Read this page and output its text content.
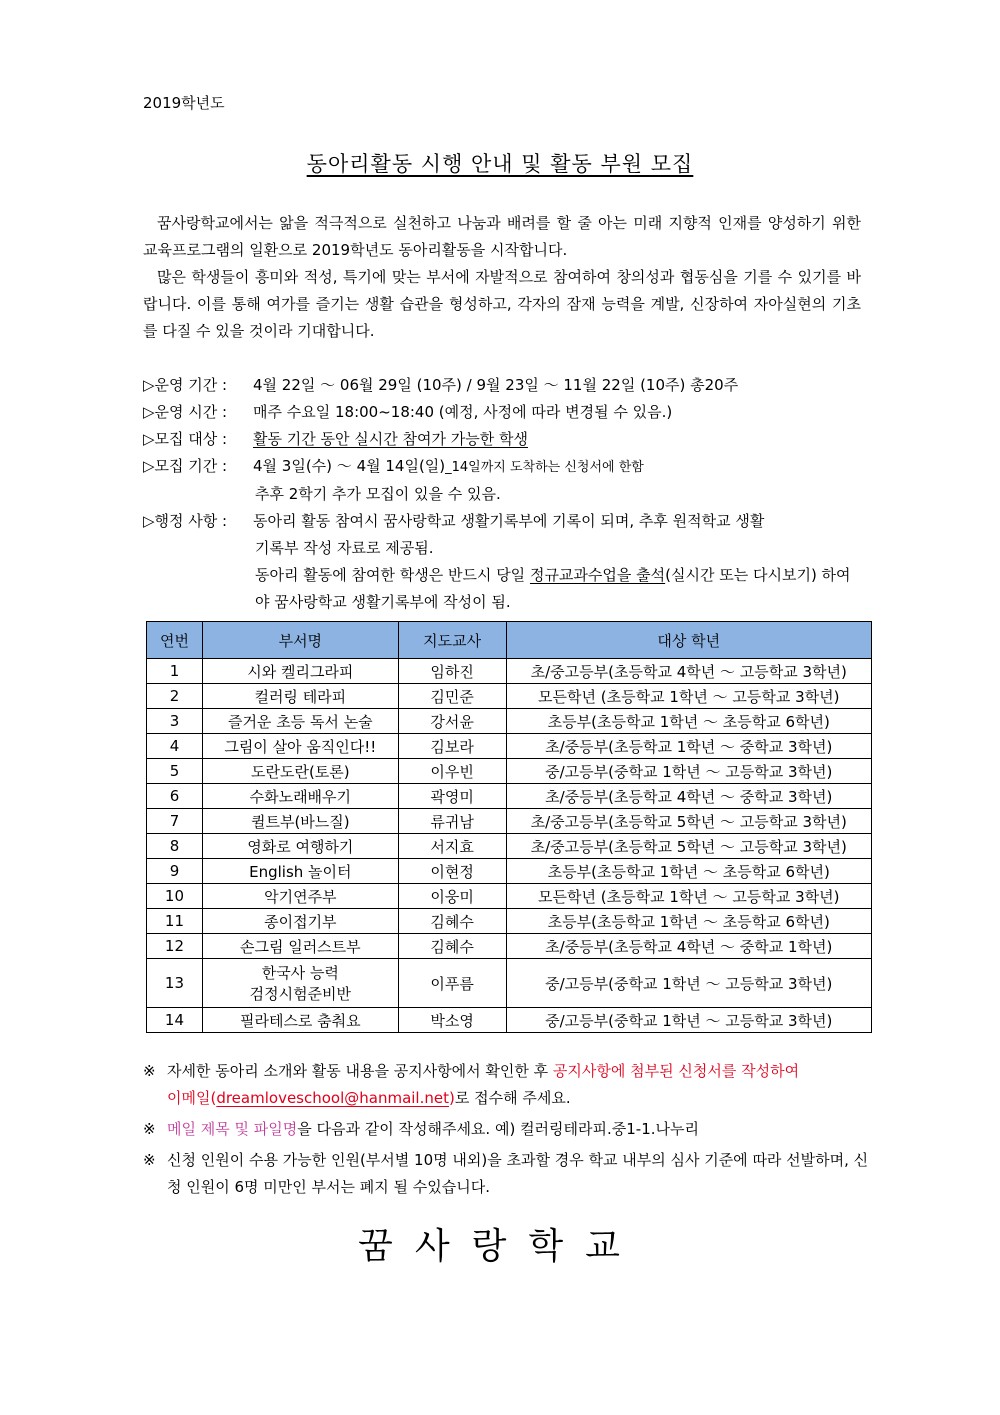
2019학년도
동아리활동 시행 안내 및 활동 부원 모집

꿈사랑학교에서는 앎을 적극적으로 실천하고 나눔과 배려를 할 줄 아는 미래 지향적 인재를 양성하기 위한 교육프로그램의 일환으로 2019학년도 동아리활동을 시작합니다.

많은 학생들이 흥미와 적성, 특기에 맞는 부서에 자발적으로 참여하여 창의성과 협동심을 기를 수 있기를 바랍니다. 이를 통해 여가를 즐기는 생활 습관을 형성하고, 각자의 잠재 능력을 계발, 신장하여 자아실현의 기초를 다질 수 있을 것이라 기대합니다.

▷운영 기간 :	4월 22일 ～ 06월 29일 (10주) / 9월 23일 ～ 11월 22일 (10주) 총20주
▷운영 시간 :	매주 수요일 18:00~18:40 (예정, 사정에 따라 변경될 수 있음.)
▷모집 대상 :	활동 기간 동안 실시간 참여가 가능한 학생
▷모집 기간 :	4월 3일(수) ～ 4월 14일(일)_14일까지 도착하는 신청서에 한함
추후 2학기 추가 모집이 있을 수 있음.
▷행정 사항 :	동아리 활동 참여시 꿈사랑학교 생활기록부에 기록이 되며, 추후 원적학교 생활
기록부 작성 자료로 제공됨.
동아리 활동에 참여한 학생은 반드시 당일 정규교과수업을 출석(실시간 또는 다시보기) 하여야 꿈사랑학교 생활기록부에 작성이 됨.
연번	부서명	지도교사	대상 학년
1	시와 켈리그라피	임하진	초/중고등부(초등학교 4학년 ～ 고등학교 3학년)
2	컬러링 테라피	김민준	모든학년 (초등학교 1학년 ～ 고등학교 3학년)
3	즐거운 초등 독서 논술	강서윤	초등부(초등학교 1학년 ～ 초등학교 6학년)
4	그림이 살아 움직인다!!	김보라	초/중등부(초등학교 1학년 ～ 중학교 3학년)
5	도란도란(토론)	이우빈	중/고등부(중학교 1학년 ～ 고등학교 3학년)
6	수화노래배우기	곽영미	초/중등부(초등학교 4학년 ～ 중학교 3학년)
7	퀼트부(바느질)	류귀남	초/중고등부(초등학교 5학년 ～ 고등학교 3학년)
8	영화로 여행하기	서지효	초/중고등부(초등학교 5학년 ～ 고등학교 3학년)
9	English 놀이터	이현정	초등부(초등학교 1학년 ～ 초등학교 6학년)
10	악기연주부	이웅미	모든학년 (초등학교 1학년 ～ 고등학교 3학년)
11	종이접기부	김혜수	초등부(초등학교 1학년 ～ 초등학교 6학년)
12	손그림 일러스트부	김혜수	초/중등부(초등학교 4학년 ～ 중학교 1학년)
13	한국사 능력
검정시험준비반	이푸름	중/고등부(중학교 1학년 ～ 고등학교 3학년)
14	필라테스로 춤춰요	박소영	중/고등부(중학교 1학년 ～ 고등학교 3학년)
※ 자세한 동아리 소개와 활동 내용을 공지사항에서 확인한 후 공지사항에 첨부된 신청서를 작성하여
이메일(dreamloveschool@hanmail.net)로 접수해 주세요.
※ 메일 제목 및 파일명을 다음과 같이 작성해주세요. 예) 컬러링테라피.중1-1.나누리
※ 신청 인원이 수용 가능한 인원(부서별 10명 내외)을 초과할 경우 학교 내부의 심사 기준에 따라 선발하며, 신청 인원이 6명 미만인 부서는 폐지 될 수있습니다.
꿈사랑학교
